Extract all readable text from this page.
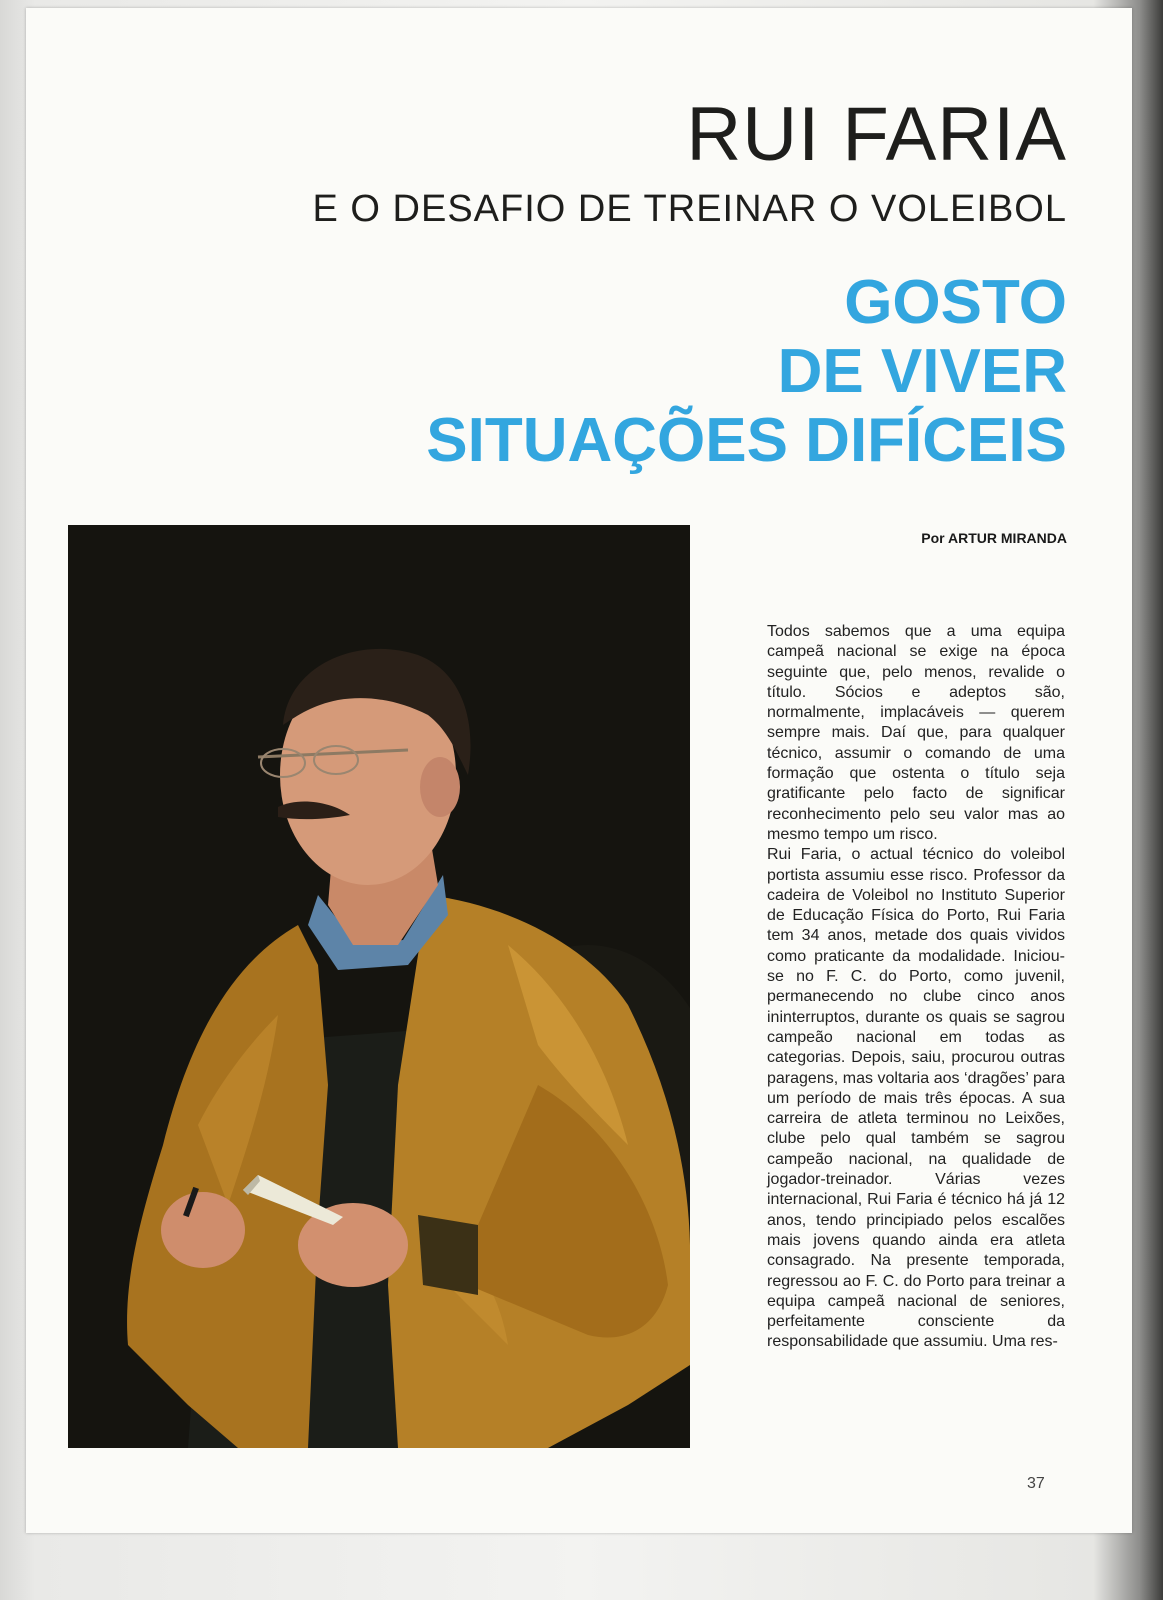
RUI FARIA
E O DESAFIO DE TREINAR O VOLEIBOL
GOSTO
DE VIVER
SITUAÇÕES DIFÍCEIS
Por ARTUR MIRANDA

Todos sabemos que a uma equipa campeã nacional se exige na época seguinte que, pelo menos, revalide o título. Sócios e adeptos são, normalmente, implacáveis — querem sempre mais. Daí que, para qualquer técnico, assumir o comando de uma formação que ostenta o título seja gratificante pelo facto de significar reconhecimento pelo seu valor mas ao mesmo tempo um risco.

Rui Faria, o actual técnico do voleibol portista assumiu esse risco. Professor da cadeira de Voleibol no Instituto Superior de Educação Física do Porto, Rui Faria tem 34 anos, metade dos quais vividos como praticante da modalidade. Iniciou-se no F. C. do Porto, como juvenil, permanecendo no clube cinco anos ininterruptos, durante os quais se sagrou campeão nacional em todas as categorias. Depois, saiu, procurou outras paragens, mas voltaria aos ‘dragões’ para um período de mais três épocas. A sua carreira de atleta terminou no Leixões, clube pelo qual também se sagrou campeão nacional, na qualidade de jogador-treinador. Várias vezes internacional, Rui Faria é técnico há já 12 anos, tendo principiado pelos escalões mais jovens quando ainda era atleta consagrado. Na presente temporada, regressou ao F. C. do Porto para treinar a equipa campeã nacional de seniores, perfeitamente consciente da responsabilidade que assumiu. Uma res-

37
